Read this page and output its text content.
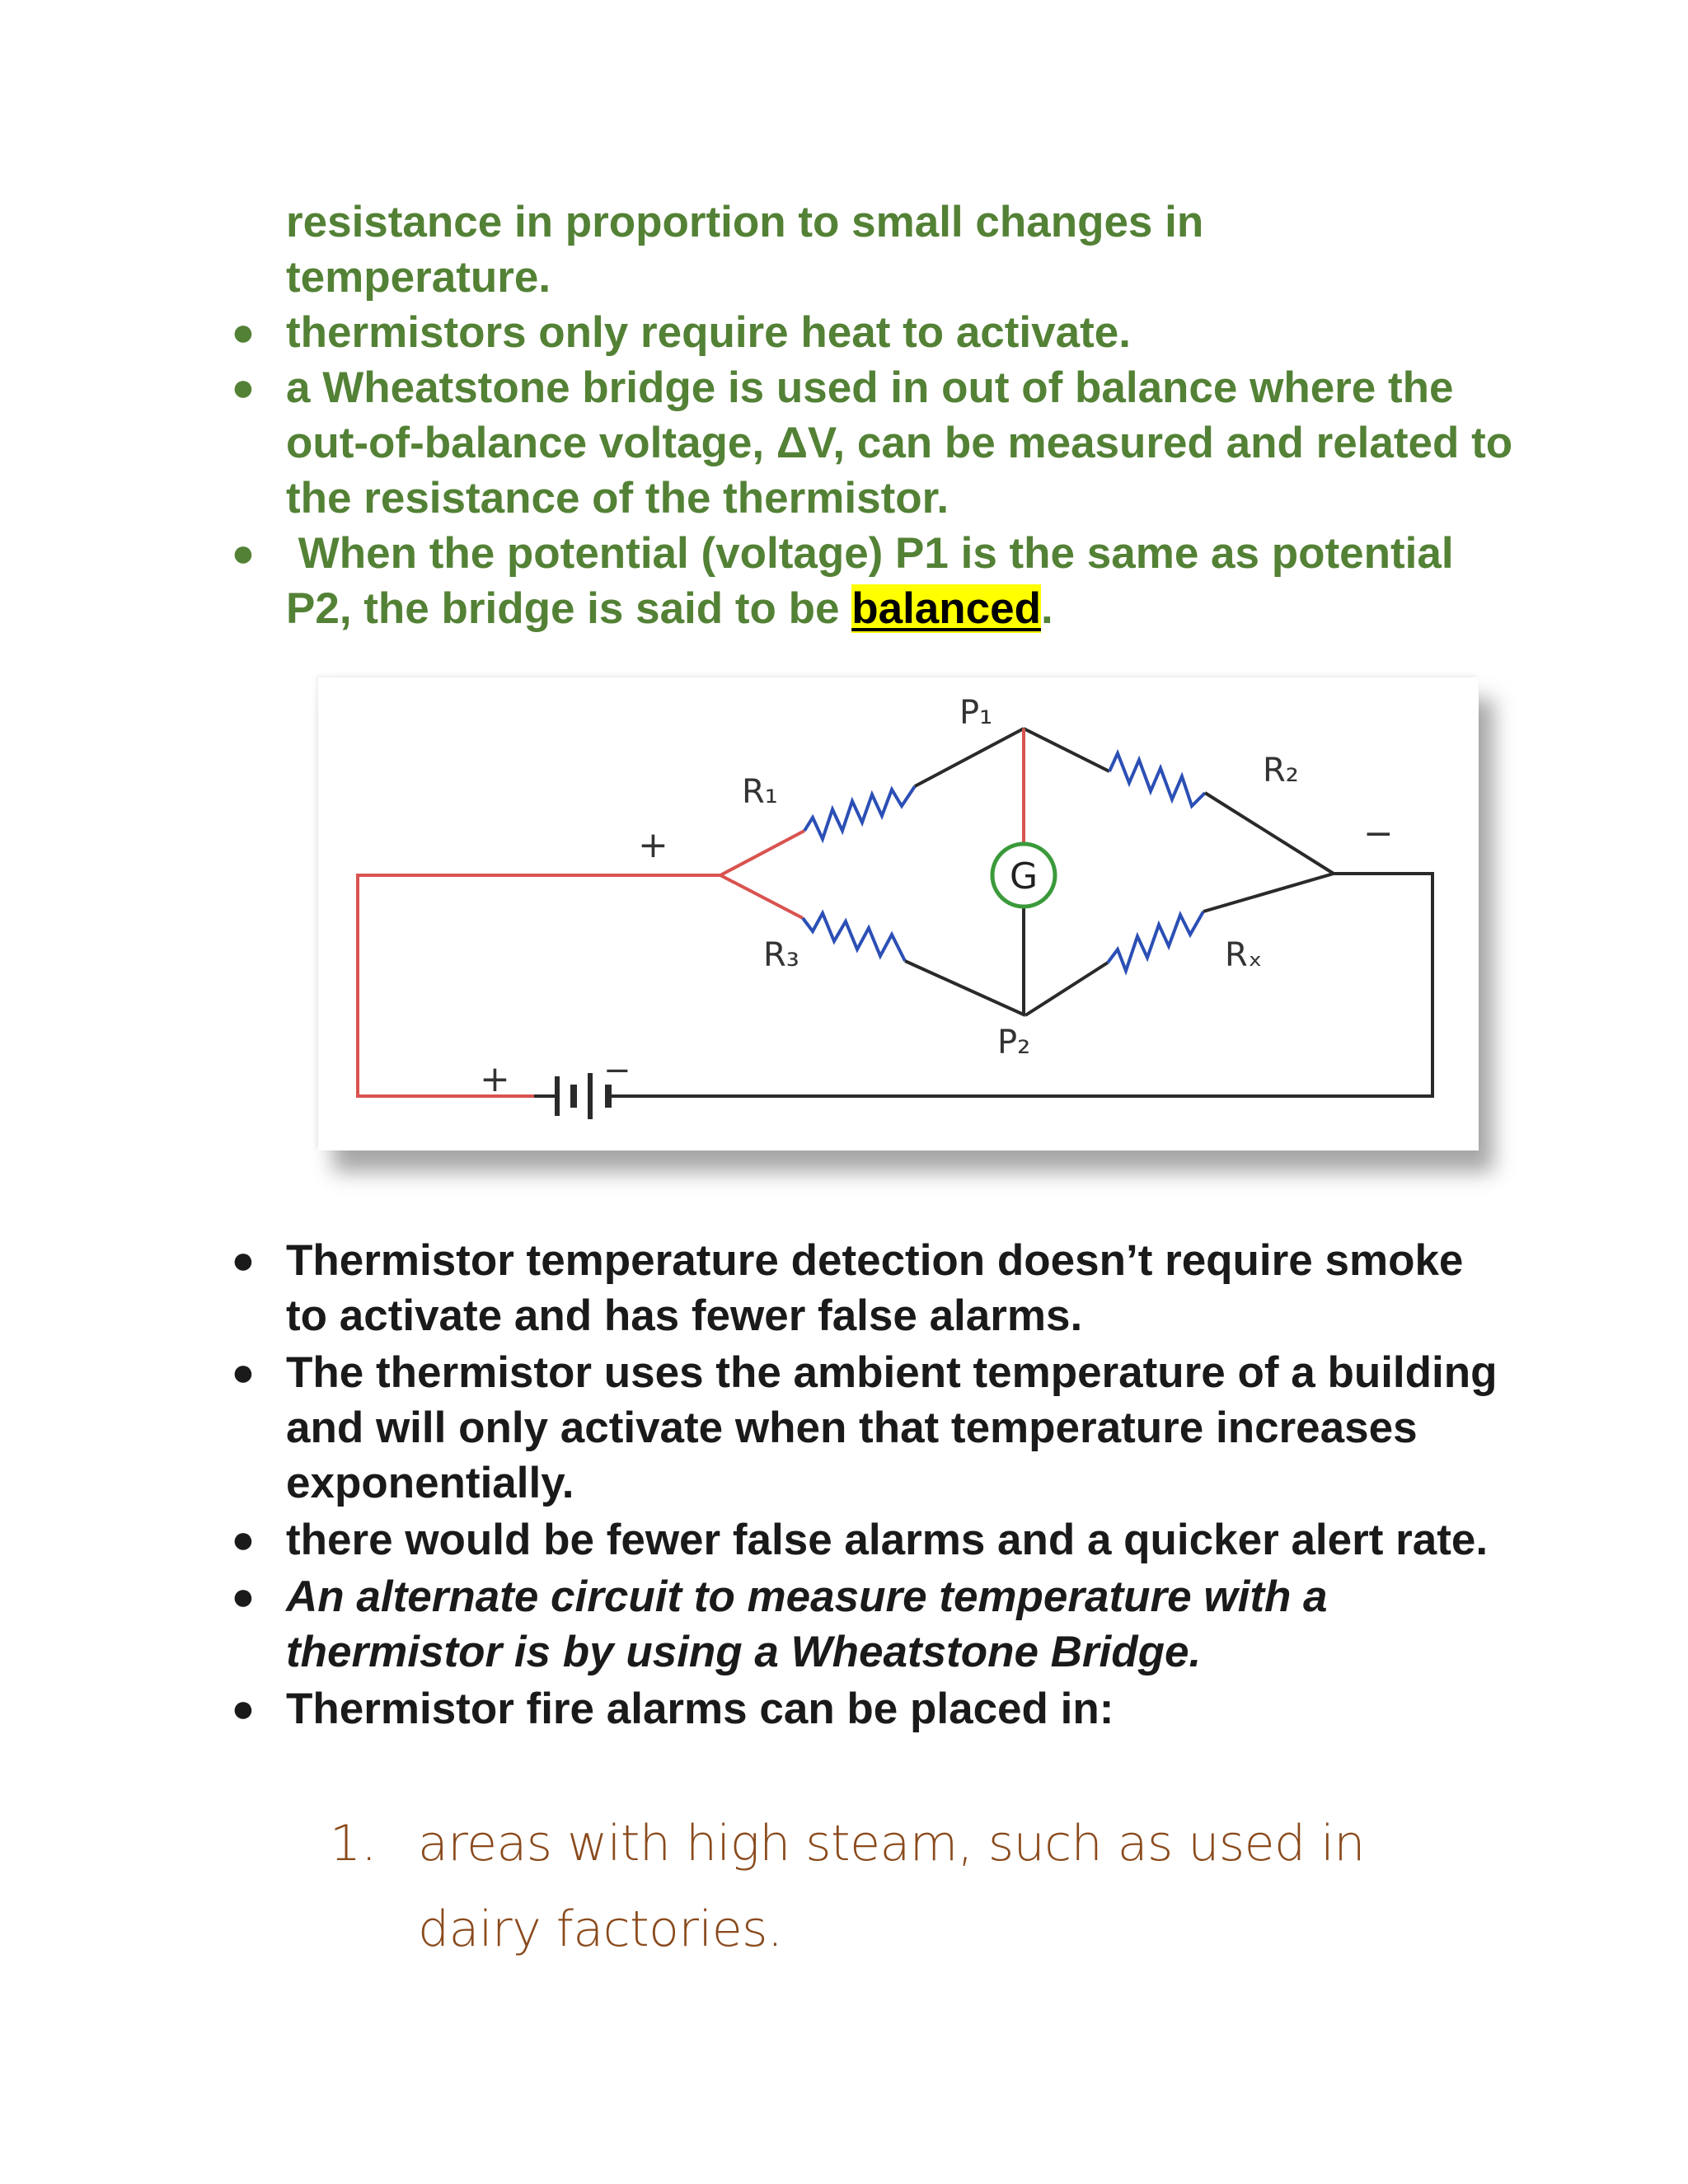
resistance in proportion to small changes in
temperature.
● thermistors only require heat to activate.
● a Wheatstone bridge is used in out of balance where the out-of-balance voltage, ΔV, can be measured and related to the resistance of the thermistor.
● When the potential (voltage) P1 is the same as potential P2, the bridge is said to be balanced.
G
P₁
P₂
R₁
R₂
R₃	Rₓ
+	−
+	−
● Thermistor temperature detection doesn’t require smoke to activate and has fewer false alarms.
● The thermistor uses the ambient temperature of a building and will only activate when that temperature increases exponentially.
● there would be fewer false alarms and a quicker alert rate.
● An alternate circuit to measure temperature with a thermistor is by using a Wheatstone Bridge.
● Thermistor fire alarms can be placed in:
1. areas with high steam, such as used in dairy factories.
